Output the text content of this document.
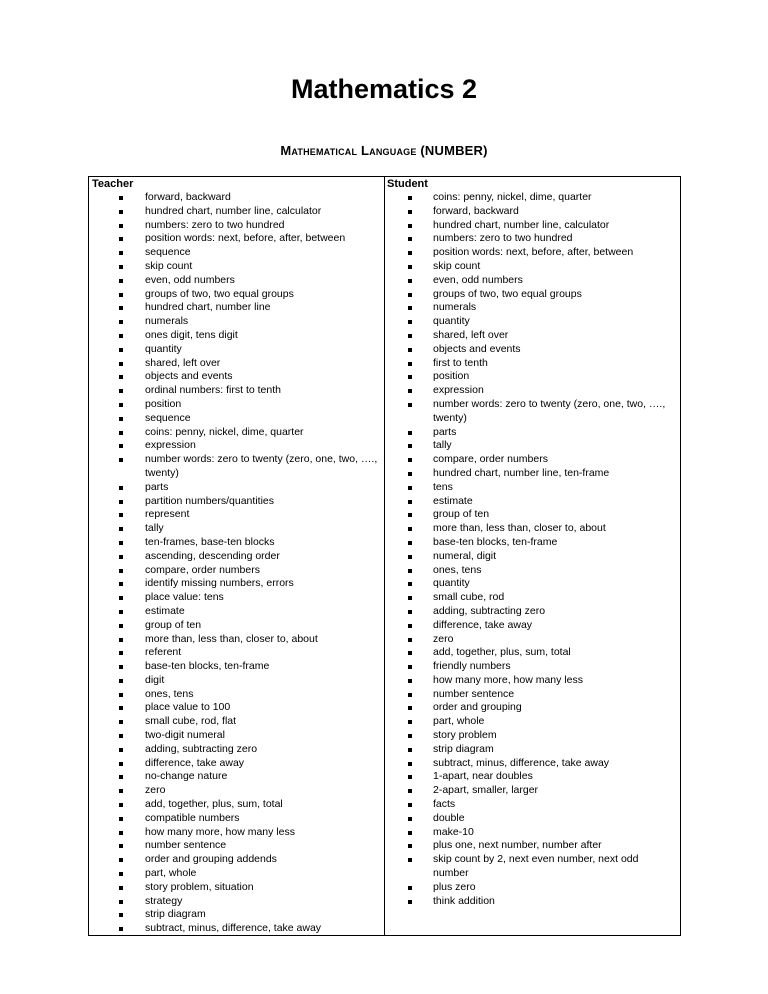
Mathematics 2
Mathematical Language (NUMBER)
Teacher
forward, backward
hundred chart, number line, calculator
numbers: zero to two hundred
position words: next, before, after, between
sequence
skip count
even, odd numbers
groups of two, two equal groups
hundred chart, number line
numerals
ones digit, tens digit
quantity
shared, left over
objects and events
ordinal numbers: first to tenth
position
sequence
coins: penny, nickel, dime, quarter
expression
number words: zero to twenty (zero, one, two, …., twenty)
parts
partition numbers/quantities
represent
tally
ten-frames, base-ten blocks
ascending, descending order
compare, order numbers
identify missing numbers, errors
place value: tens
estimate
group of ten
more than, less than, closer to, about
referent
base-ten blocks, ten-frame
digit
ones, tens
place value to 100
small cube, rod, flat
two-digit numeral
adding, subtracting zero
difference, take away
no-change nature
zero
add, together, plus, sum, total
compatible numbers
how many more, how many less
number sentence
order and grouping addends
part, whole
story problem, situation
strategy
strip diagram
subtract, minus, difference, take away
Student
coins: penny, nickel, dime, quarter
forward, backward
hundred chart, number line, calculator
numbers: zero to two hundred
position words: next, before, after, between
skip count
even, odd numbers
groups of two, two equal groups
numerals
quantity
shared, left over
objects and events
first to tenth
position
expression
number words: zero to twenty (zero, one, two, …., twenty)
parts
tally
compare, order numbers
hundred chart, number line, ten-frame
tens
estimate
group of ten
more than, less than, closer to, about
base-ten blocks, ten-frame
numeral, digit
ones, tens
quantity
small cube, rod
adding, subtracting zero
difference, take away
zero
add, together, plus, sum, total
friendly numbers
how many more, how many less
number sentence
order and grouping
part, whole
story problem
strip diagram
subtract, minus, difference, take away
1-apart, near doubles
2-apart, smaller, larger
facts
double
make-10
plus one, next number, number after
skip count by 2, next even number, next odd number
plus zero
think addition
